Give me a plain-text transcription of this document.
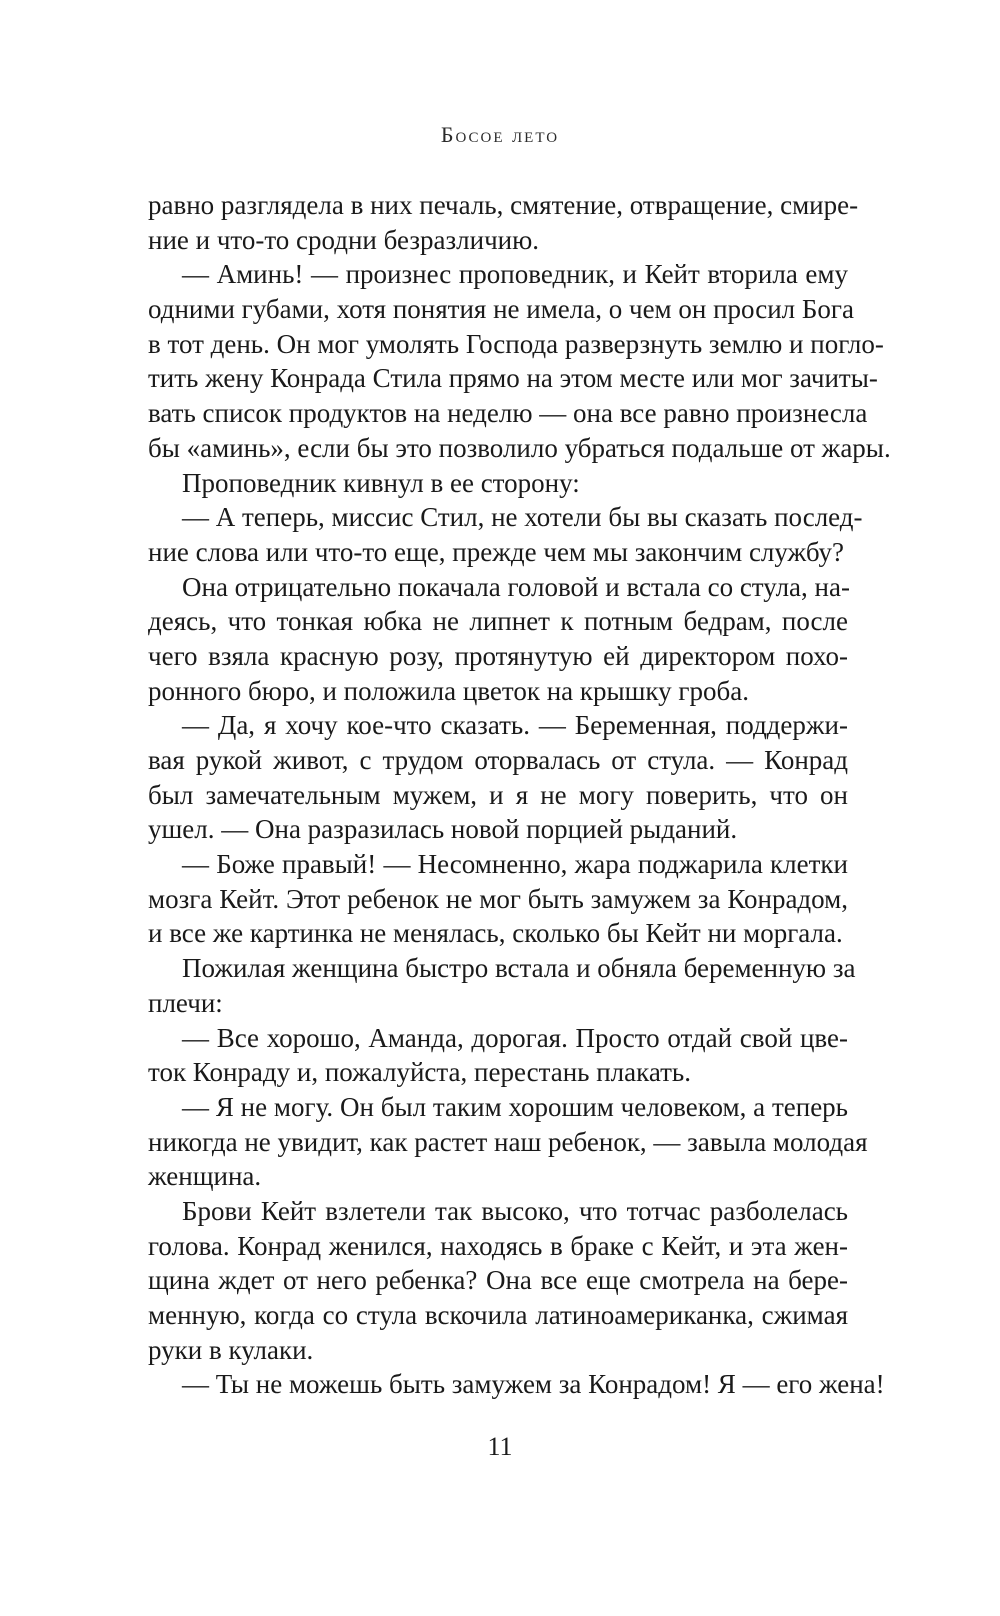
Босое лето
равно разглядела в них печаль, смятение, отвращение, смире-
ние и что-то сродни безразличию.
— Аминь! — произнес проповедник, и Кейт вторила ему
одними губами, хотя понятия не имела, о чем он просил Бога
в тот день. Он мог умолять Господа разверзнуть землю и погло-
тить жену Конрада Стила прямо на этом месте или мог зачиты-
вать список продуктов на неделю — она все равно произнесла
бы «аминь», если бы это позволило убраться подальше от жары.
Проповедник кивнул в ее сторону:
— А теперь, миссис Стил, не хотели бы вы сказать послед-
ние слова или что-то еще, прежде чем мы закончим службу?
Она отрицательно покачала головой и встала со стула, на-
деясь, что тонкая юбка не липнет к потным бедрам, после
чего взяла красную розу, протянутую ей директором похо-
ронного бюро, и положила цветок на крышку гроба.
— Да, я хочу кое-что сказать. — Беременная, поддержи-
вая рукой живот, с трудом оторвалась от стула. — Конрад
был замечательным мужем, и я не могу поверить, что он
ушел. — Она разразилась новой порцией рыданий.
— Боже правый! — Несомненно, жара поджарила клетки
мозга Кейт. Этот ребенок не мог быть замужем за Конрадом,
и все же картинка не менялась, сколько бы Кейт ни моргала.
Пожилая женщина быстро встала и обняла беременную за
плечи:
— Все хорошо, Аманда, дорогая. Просто отдай свой цве-
ток Конраду и, пожалуйста, перестань плакать.
— Я не могу. Он был таким хорошим человеком, а теперь
никогда не увидит, как растет наш ребенок, — завыла молодая
женщина.
Брови Кейт взлетели так высоко, что тотчас разболелась
голова. Конрад женился, находясь в браке с Кейт, и эта жен-
щина ждет от него ребенка? Она все еще смотрела на бере-
менную, когда со стула вскочила латиноамериканка, сжимая
руки в кулаки.
— Ты не можешь быть замужем за Конрадом! Я — его жена!
11
